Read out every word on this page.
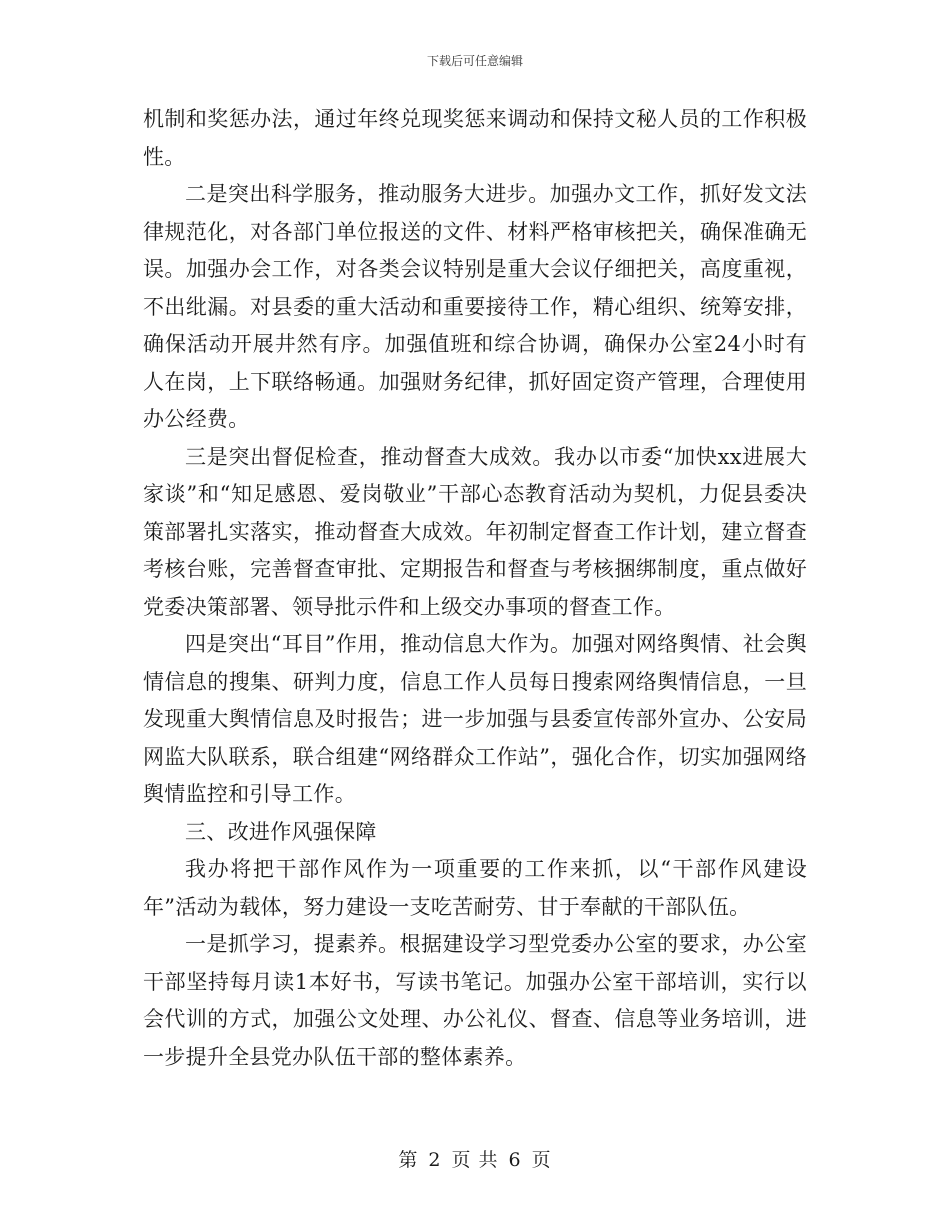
下载后可任意编辑

机制和奖惩办法，通过年终兑现奖惩来调动和保持文秘人员的工作积极性。

二是突出科学服务，推动服务大进步。加强办文工作，抓好发文法律规范化，对各部门单位报送的文件、材料严格审核把关，确保准确无误。加强办会工作，对各类会议特别是重大会议仔细把关，高度重视，不出纰漏。对县委的重大活动和重要接待工作，精心组织、统筹安排，确保活动开展井然有序。加强值班和综合协调，确保办公室24小时有人在岗，上下联络畅通。加强财务纪律，抓好固定资产管理，合理使用办公经费。

三是突出督促检查，推动督查大成效。我办以市委“加快xx进展大家谈”和“知足感恩、爱岗敬业”干部心态教育活动为契机，力促县委决策部署扎实落实，推动督查大成效。年初制定督查工作计划，建立督查考核台账，完善督查审批、定期报告和督查与考核捆绑制度，重点做好党委决策部署、领导批示件和上级交办事项的督查工作。

四是突出“耳目”作用，推动信息大作为。加强对网络舆情、社会舆情信息的搜集、研判力度，信息工作人员每日搜索网络舆情信息，一旦发现重大舆情信息及时报告；进一步加强与县委宣传部外宣办、公安局网监大队联系，联合组建“网络群众工作站”，强化合作，切实加强网络舆情监控和引导工作。

三、改进作风强保障

我办将把干部作风作为一项重要的工作来抓，以“干部作风建设年”活动为载体，努力建设一支吃苦耐劳、甘于奉献的干部队伍。

一是抓学习，提素养。根据建设学习型党委办公室的要求，办公室干部坚持每月读1本好书，写读书笔记。加强办公室干部培训，实行以会代训的方式，加强公文处理、办公礼仪、督查、信息等业务培训，进一步提升全县党办队伍干部的整体素养。

第 2 页 共 6 页
